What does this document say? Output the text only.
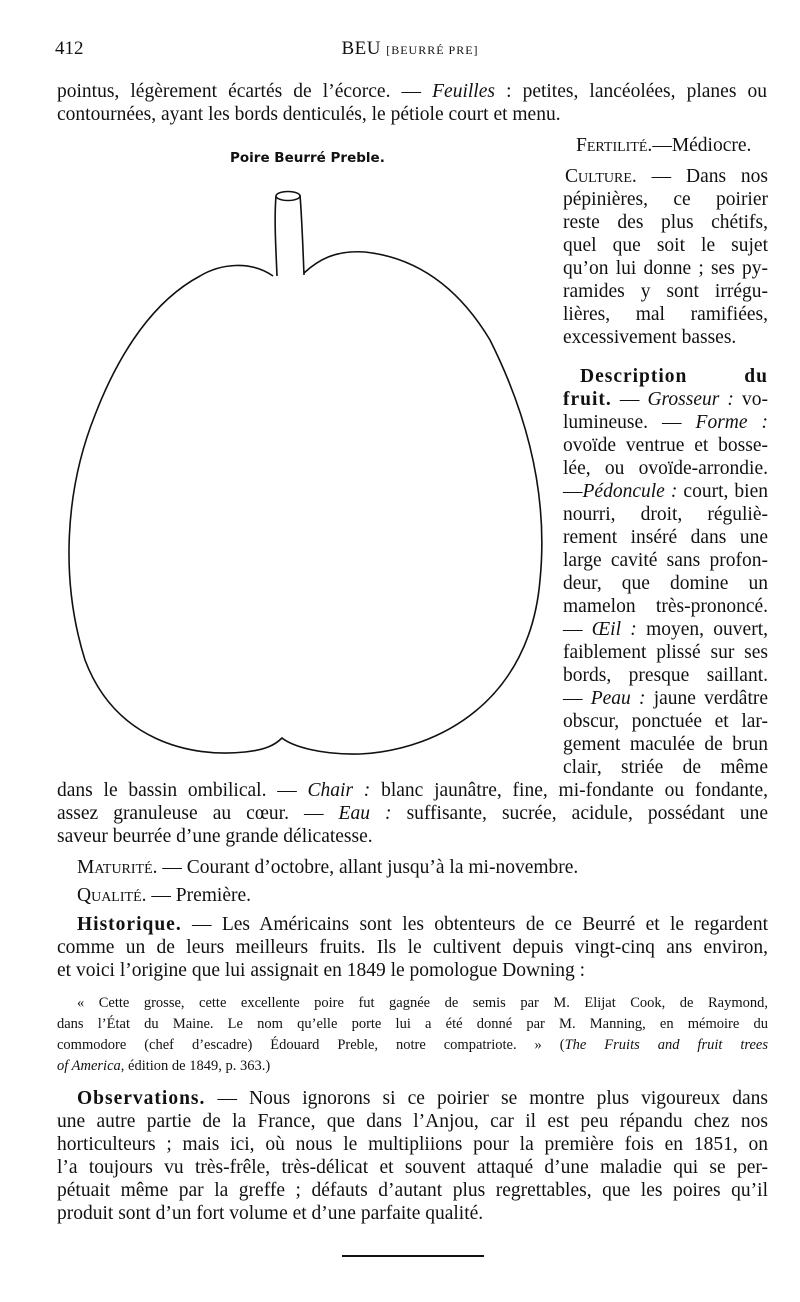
412	BEU [BEURRÉ PRE]
pointus, légèrement écartés de l’écorce. — Feuilles : petites, lancéolées, planes ou
contournées, ayant les bords denticulés, le pétiole court et menu.
Poire Beurré Preble.
Fertilité.—Médiocre.
Culture. — Dans nos
pépinières, ce poirier
reste des plus chétifs,
quel que soit le sujet
qu’on lui donne ; ses py-
ramides y sont irrégu-
lières, mal ramifiées,
excessivement basses.
Description du
fruit. — Grosseur : vo-
lumineuse. — Forme :
ovoïde ventrue et bosse-
lée, ou ovoïde-arrondie.
—Pédoncule : court, bien
nourri, droit, réguliè-
rement inséré dans une
large cavité sans profon-
deur, que domine un
mamelon très-prononcé.
— Œil : moyen, ouvert,
faiblement plissé sur ses
bords, presque saillant.
— Peau : jaune verdâtre
obscur, ponctuée et lar-
gement maculée de brun
clair, striée de même
dans le bassin ombilical. — Chair : blanc jaunâtre, fine, mi-fondante ou fondante,
assez granuleuse au cœur. — Eau : suffisante, sucrée, acidule, possédant une
saveur beurrée d’une grande délicatesse.
Maturité. — Courant d’octobre, allant jusqu’à la mi-novembre.
Qualité. — Première.
Historique. — Les Américains sont les obtenteurs de ce Beurré et le regardent
comme un de leurs meilleurs fruits. Ils le cultivent depuis vingt-cinq ans environ,
et voici l’origine que lui assignait en 1849 le pomologue Downing :
« Cette grosse, cette excellente poire fut gagnée de semis par M. Elijat Cook, de Raymond,
dans l’État du Maine. Le nom qu’elle porte lui a été donné par M. Manning, en mémoire du
commodore (chef d’escadre) Édouard Preble, notre compatriote. » (The Fruits and fruit trees
of America, édition de 1849, p. 363.)
Observations. — Nous ignorons si ce poirier se montre plus vigoureux dans
une autre partie de la France, que dans l’Anjou, car il est peu répandu chez nos
horticulteurs ; mais ici, où nous le multipliions pour la première fois en 1851, on
l’a toujours vu très-frêle, très-délicat et souvent attaqué d’une maladie qui se per-
pétuait même par la greffe ; défauts d’autant plus regrettables, que les poires qu’il
produit sont d’un fort volume et d’une parfaite qualité.
